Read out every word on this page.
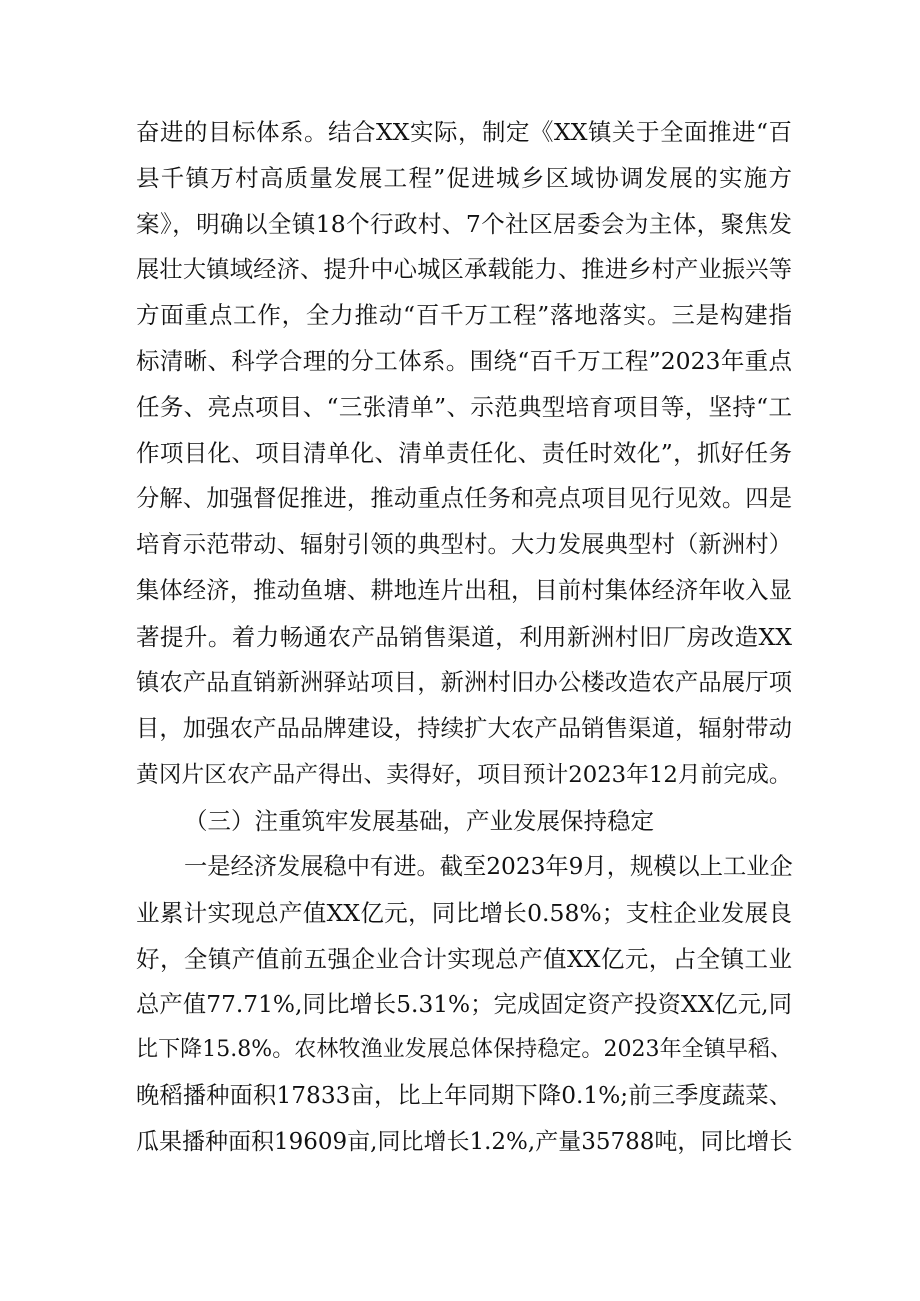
奋进的目标体系。结合XX实际，制定《XX镇关于全面推进“百
县千镇万村高质量发展工程”促进城乡区域协调发展的实施方
案》，明确以全镇18个行政村、7个社区居委会为主体，聚焦发
展壮大镇域经济、提升中心城区承载能力、推进乡村产业振兴等
方面重点工作，全力推动“百千万工程”落地落实。三是构建指
标清晰、科学合理的分工体系。围绕“百千万工程”2023年重点
任务、亮点项目、“三张清单”、示范典型培育项目等，坚持“工
作项目化、项目清单化、清单责任化、责任时效化”，抓好任务
分解、加强督促推进，推动重点任务和亮点项目见行见效。四是
培育示范带动、辐射引领的典型村。大力发展典型村（新洲村）
集体经济，推动鱼塘、耕地连片出租，目前村集体经济年收入显
著提升。着力畅通农产品销售渠道，利用新洲村旧厂房改造XX
镇农产品直销新洲驿站项目，新洲村旧办公楼改造农产品展厅项
目，加强农产品品牌建设，持续扩大农产品销售渠道，辐射带动
黄冈片区农产品产得出、卖得好，项目预计2023年12月前完成。
（三）注重筑牢发展基础，产业发展保持稳定
一是经济发展稳中有进。截至2023年9月，规模以上工业企
业累计实现总产值XX亿元，同比增长0.58%；支柱企业发展良
好，全镇产值前五强企业合计实现总产值XX亿元，占全镇工业
总产值77.71%,同比增长5.31%；完成固定资产投资XX亿元,同
比下降15.8%。农林牧渔业发展总体保持稳定。2023年全镇早稻、
晚稻播种面积17833亩，比上年同期下降0.1%;前三季度蔬菜、
瓜果播种面积19609亩,同比增长1.2%,产量35788吨，同比增长
